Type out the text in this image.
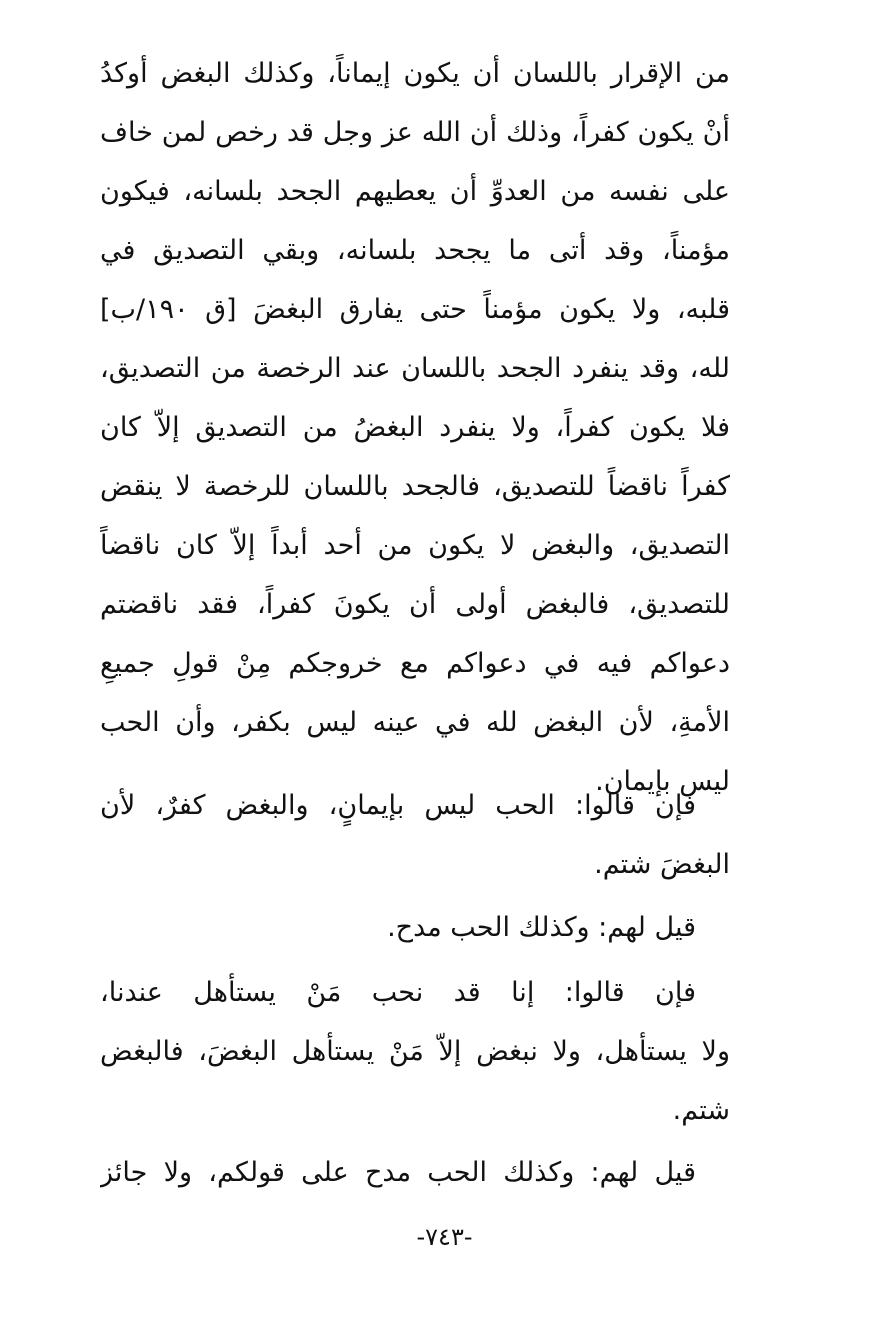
من الإقرار باللسان أن يكون إيماناً، وكذلك البغض أوكدُ
أنْ يكون كفراً، وذلك أن الله عز وجل قد رخص لمن خاف
على نفسه من العدوِّ أن يعطيهم الجحد بلسانه، فيكون
مؤمناً، وقد أتى ما يجحد بلسانه، وبقي التصديق في
قلبه، ولا يكون مؤمناً حتى يفارق البغضَ [ق ١٩٠/ب]
لله، وقد ينفرد الجحد باللسان عند الرخصة من التصديق،
فلا يكون كفراً، ولا ينفرد البغضُ من التصديق إلاّ كان
كفراً ناقضاً للتصديق، فالجحد باللسان للرخصة لا ينقض
التصديق، والبغض لا يكون من أحد أبداً إلاّ كان ناقضاً
للتصديق، فالبغض أولى أن يكونَ كفراً، فقد ناقضتم
دعواكم فيه في دعواكم مع خروجكم مِنْ قولِ جميعِ
الأمةِ، لأن البغض لله في عينه ليس بكفر، وأن الحب
ليس بإيمان.
فإن قالوا: الحب ليس بإيمانٍ، والبغض كفرٌ، لأن
البغضَ شتم.
قيل لهم: وكذلك الحب مدح.
فإن قالوا: إنا قد نحب مَنْ يستأهل عندنا،
ولا يستأهل، ولا نبغض إلاّ مَنْ يستأهل البغضَ، فالبغض
شتم.
قيل لهم: وكذلك الحب مدح على قولكم، ولا جائز
-٧٤٣-
